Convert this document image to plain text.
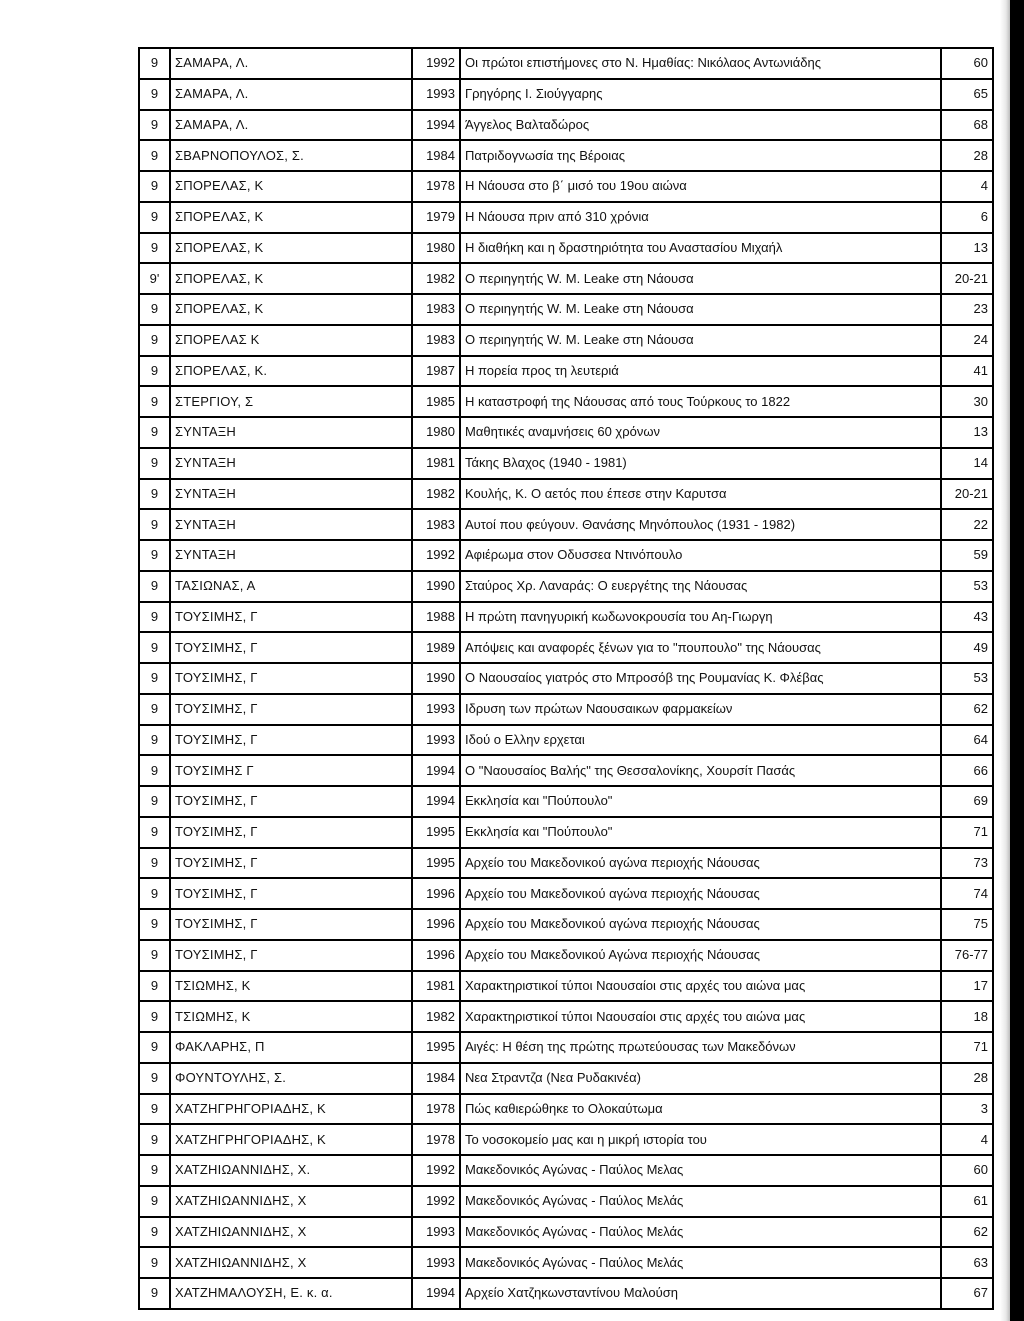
9	ΣΑΜΑΡΑ, Λ.	1992	Οι πρώτοι επιστήμονες στο Ν. Ημαθίας: Νικόλαος Αντωνιάδης	60
9	ΣΑΜΑΡΑ, Λ.	1993	Γρηγόρης Ι. Σιούγγαρης	65
9	ΣΑΜΑΡΑ, Λ.	1994	Άγγελος Βαλταδώρος	68
9	ΣΒΑΡΝΟΠΟΥΛΟΣ, Σ.	1984	Πατριδογνωσία της Βέροιας	28
9	ΣΠΟΡΕΛΑΣ, Κ	1978	Η Νάουσα στο β΄ μισό του 19ου αιώνα	4
9	ΣΠΟΡΕΛΑΣ, Κ	1979	Η Νάουσα πριν από 310 χρόνια	6
9	ΣΠΟΡΕΛΑΣ, Κ	1980	Η διαθήκη και η δραστηριότητα του Αναστασίου Μιχαήλ	13
9'	ΣΠΟΡΕΛΑΣ, Κ	1982	Ο περιηγητής W. M. Leake στη Νάουσα	20-21
9	ΣΠΟΡΕΛΑΣ, Κ	1983	Ο περιηγητής W. M. Leake στη Νάουσα	23
9	ΣΠΟΡΕΛΑΣ Κ	1983	Ο περιηγητής W. M. Leake στη Νάουσα	24
9	ΣΠΟΡΕΛΑΣ, Κ.	1987	Η πορεία προς τη λευτεριά	41
9	ΣΤΕΡΓΙΟΥ, Σ	1985	Η καταστροφή της Νάουσας από τους Τούρκους το 1822	30
9	ΣΥΝΤΑΞΗ	1980	Μαθητικές αναμνήσεις 60 χρόνων	13
9	ΣΥΝΤΑΞΗ	1981	Τάκης Βλαχος (1940 - 1981)	14
9	ΣΥΝΤΑΞΗ	1982	Κουλής, Κ. Ο αετός που έπεσε στην Καρυτσα	20-21
9	ΣΥΝΤΑΞΗ	1983	Αυτοί που φεύγουν. Θανάσης Μηνόπουλος (1931 - 1982)	22
9	ΣΥΝΤΑΞΗ	1992	Αφιέρωμα στον Οδυσσεα Ντινόπουλο	59
9	ΤΑΣΙΩΝΑΣ, Α	1990	Σταύρος Χρ. Λαναράς: Ο ευεργέτης της Νάουσας	53
9	ΤΟΥΣΙΜΗΣ, Γ	1988	Η πρώτη πανηγυρική κωδωνοκρουσία του Αη-Γιωργη	43
9	ΤΟΥΣΙΜΗΣ, Γ	1989	Απόψεις και αναφορές ξένων για το "πουπουλο" της Νάουσας	49
9	ΤΟΥΣΙΜΗΣ, Γ	1990	Ο Ναουσαίος γιατρός στο Μπροσόβ της Ρουμανίας Κ. Φλέβας	53
9	ΤΟΥΣΙΜΗΣ, Γ	1993	Ιδρυση των πρώτων Ναουσαικων φαρμακείων	62
9	ΤΟΥΣΙΜΗΣ, Γ	1993	Ιδού ο Ελλην ερχεται	64
9	ΤΟΥΣΙΜΗΣ Γ	1994	Ο "Ναουσαίος Βαλής" της Θεσσαλονίκης, Χουρσίτ Πασάς	66
9	ΤΟΥΣΙΜΗΣ, Γ	1994	Εκκλησία και "Πούπουλο"	69
9	ΤΟΥΣΙΜΗΣ, Γ	1995	Εκκλησία και "Πούπουλο"	71
9	ΤΟΥΣΙΜΗΣ, Γ	1995	Αρχείο του Μακεδονικού αγώνα περιοχής Νάουσας	73
9	ΤΟΥΣΙΜΗΣ, Γ	1996	Αρχείο του Μακεδονικού αγώνα περιοχής Νάουσας	74
9	ΤΟΥΣΙΜΗΣ, Γ	1996	Αρχείο του Μακεδονικού αγώνα περιοχής Νάουσας	75
9	ΤΟΥΣΙΜΗΣ, Γ	1996	Αρχείο του Μακεδονικού Αγώνα περιοχής Νάουσας	76-77
9	ΤΣΙΩΜΗΣ, Κ	1981	Χαρακτηριστικοί τύποι Ναουσαίοι στις αρχές του αιώνα μας	17
9	ΤΣΙΩΜΗΣ, Κ	1982	Χαρακτηριστικοί τύποι Ναουσαίοι στις αρχές του αιώνα μας	18
9	ΦΑΚΛΑΡΗΣ, Π	1995	Αιγές: Η θέση της πρώτης πρωτεύουσας των Μακεδόνων	71
9	ΦΟΥΝΤΟΥΛΗΣ, Σ.	1984	Νεα Στραντζα (Νεα Ρυδακινέα)	28
9	ΧΑΤΖΗΓΡΗΓΟΡΙΑΔΗΣ, Κ	1978	Πώς καθιερώθηκε το Ολοκαύτωμα	3
9	ΧΑΤΖΗΓΡΗΓΟΡΙΑΔΗΣ, Κ	1978	Το νοσοκομείο μας και η μικρή ιστορία του	4
9	ΧΑΤΖΗΙΩΑΝΝΙΔΗΣ, Χ.	1992	Μακεδονικός Αγώνας - Παύλος Μελας	60
9	ΧΑΤΖΗΙΩΑΝΝΙΔΗΣ, Χ	1992	Μακεδονικός Αγώνας - Παύλος Μελάς	61
9	ΧΑΤΖΗΙΩΑΝΝΙΔΗΣ, Χ	1993	Μακεδονικός Αγώνας - Παύλος Μελάς	62
9	ΧΑΤΖΗΙΩΑΝΝΙΔΗΣ, Χ	1993	Μακεδονικός Αγώνας - Παύλος Μελάς	63
9	ΧΑΤΖΗΜΑΛΟΥΣΗ, Ε. κ. α.	1994	Αρχείο Χατζηκωνσταντίνου Μαλούση	67
